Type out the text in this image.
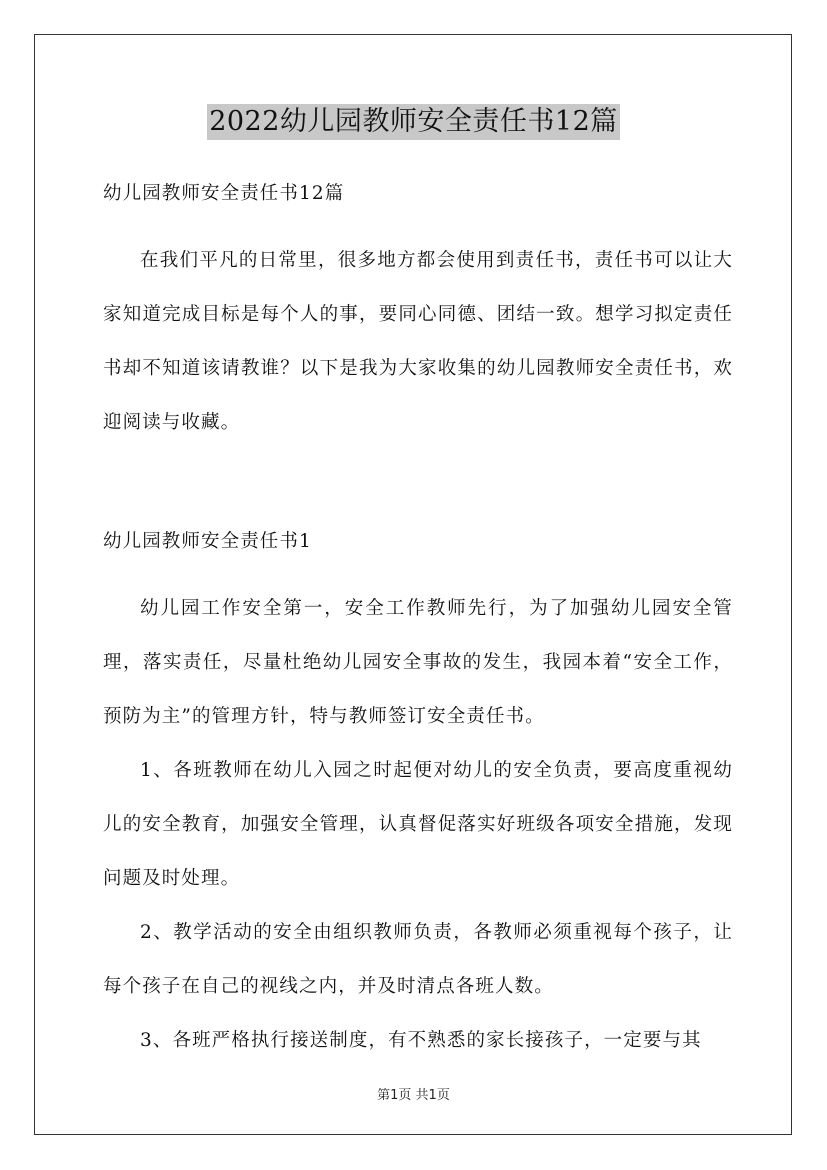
2022幼儿园教师安全责任书12篇

幼儿园教师安全责任书12篇

在我们平凡的日常里，很多地方都会使用到责任书，责任书可以让大家知道完成目标是每个人的事，要同心同德、团结一致。想学习拟定责任书却不知道该请教谁？以下是我为大家收集的幼儿园教师安全责任书，欢迎阅读与收藏。

幼儿园教师安全责任书1

幼儿园工作安全第一，安全工作教师先行，为了加强幼儿园安全管理，落实责任，尽量杜绝幼儿园安全事故的发生，我园本着“安全工作，预防为主”的管理方针，特与教师签订安全责任书。

1、各班教师在幼儿入园之时起便对幼儿的安全负责，要高度重视幼儿的安全教育，加强安全管理，认真督促落实好班级各项安全措施，发现问题及时处理。

2、教学活动的安全由组织教师负责，各教师必须重视每个孩子，让每个孩子在自己的视线之内，并及时清点各班人数。

3、各班严格执行接送制度，有不熟悉的家长接孩子，一定要与其

第1页 共1页
